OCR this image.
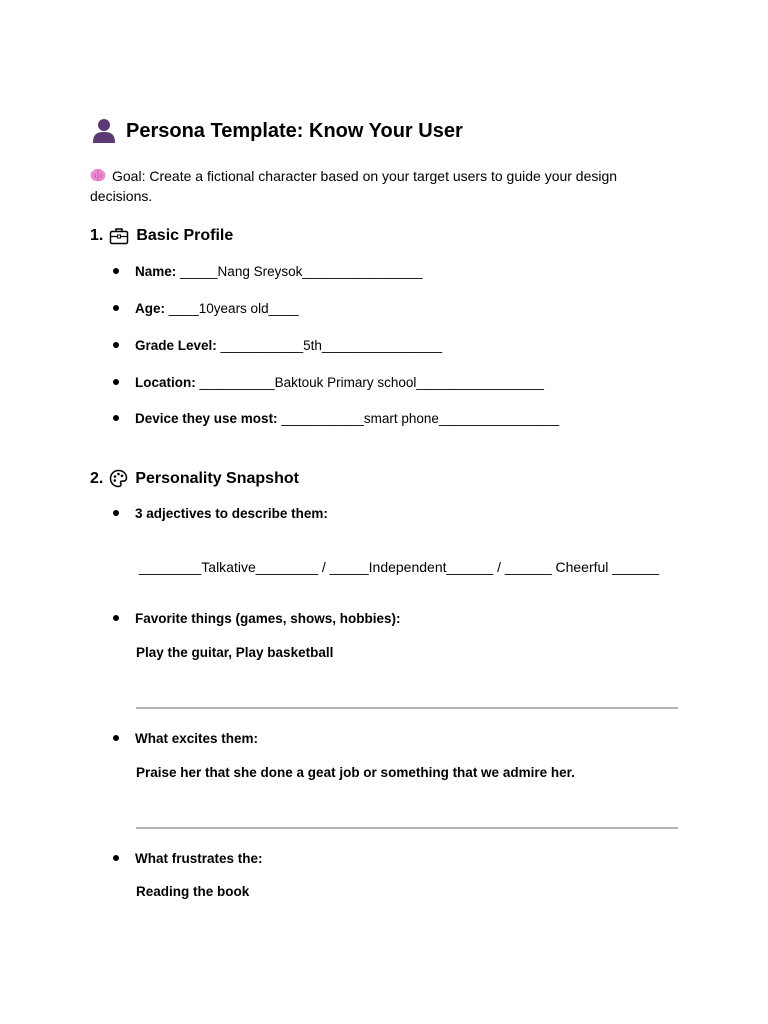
Persona Template: Know Your User
Goal: Create a fictional character based on your target users to guide your design decisions.
1. Basic Profile
Name: _____Nang Sreysok________________
Age: ____10years old____
Grade Level: ___________5th________________
Location: __________Baktouk Primary school_________________
Device they use most: ___________smart phone________________
2. Personality Snapshot
3 adjectives to describe them:
________Talkative________ / _____Independent______ / ______ Cheerful ______
Favorite things (games, shows, hobbies):
Play the guitar, Play basketball
What excites them:
Praise her that she done a geat job or something that we admire her.
What frustrates the:
Reading the book
